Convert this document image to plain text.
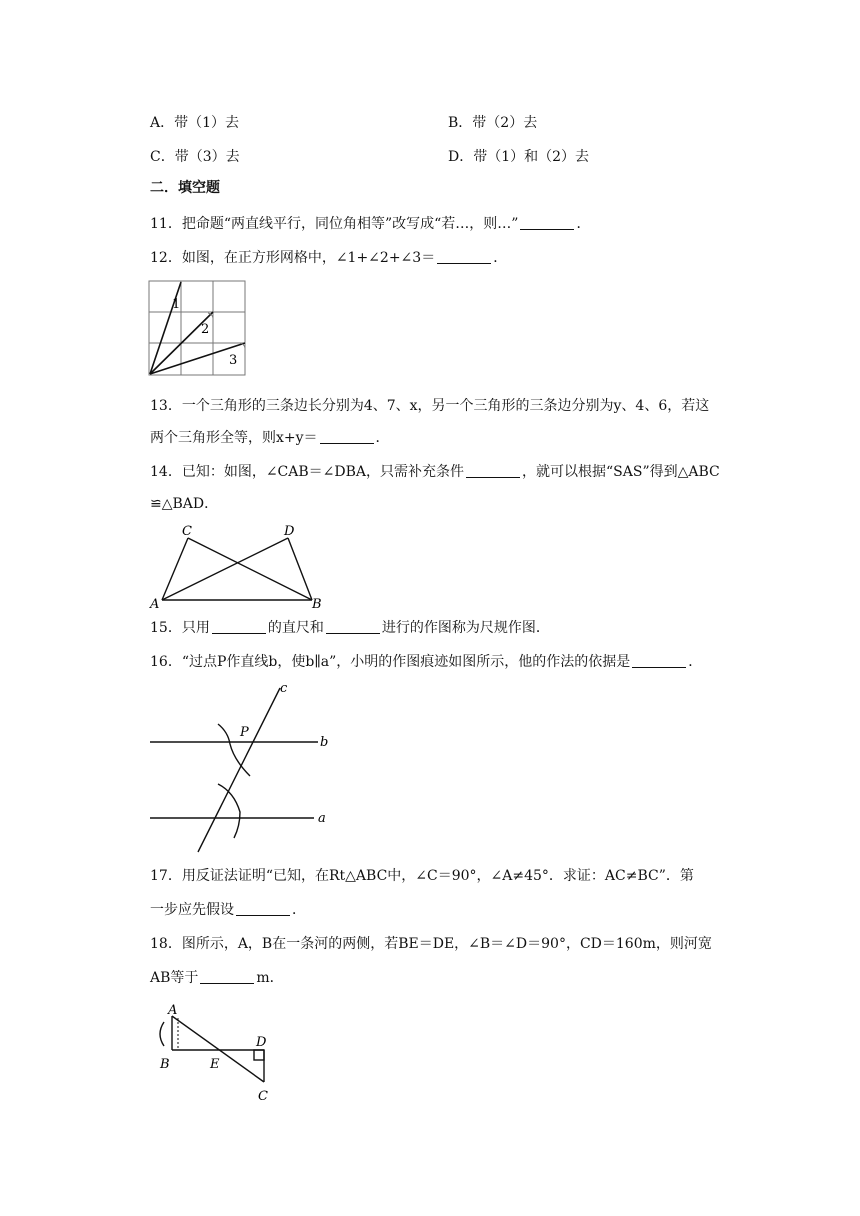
A．带（1）去	B．带（2）去
C．带（3）去	D．带（1）和（2）去
二．填空题
11．把命题“两直线平行，同位角相等”改写成“若…，则…”	．
12．如图，在正方形网格中，∠1+∠2+∠3＝	．
1
2
3
13．一个三角形的三条边长分别为4、7、x，另一个三角形的三条边分别为y、4、6，若这
两个三角形全等，则x+y＝	．
14．已知：如图，∠CAB＝∠DBA，只需补充条件	，就可以根据“SAS”得到△ABC
≌△BAD．
C	D
A	B
15．只用	的直尺和	进行的作图称为尺规作图．
16．“过点P作直线b，使b∥a”，小明的作图痕迹如图所示，他的作法的依据是	．
c
P
b
a
17．用反证法证明“已知，在Rt△ABC中，∠C＝90°，∠A≠45°．求证：AC≠BC”．第
一步应先假设	．
18．图所示，A，B在一条河的两侧，若BE＝DE，∠B＝∠D＝90°，CD＝160m，则河宽
AB等于	m．
A
B	E
D
C
